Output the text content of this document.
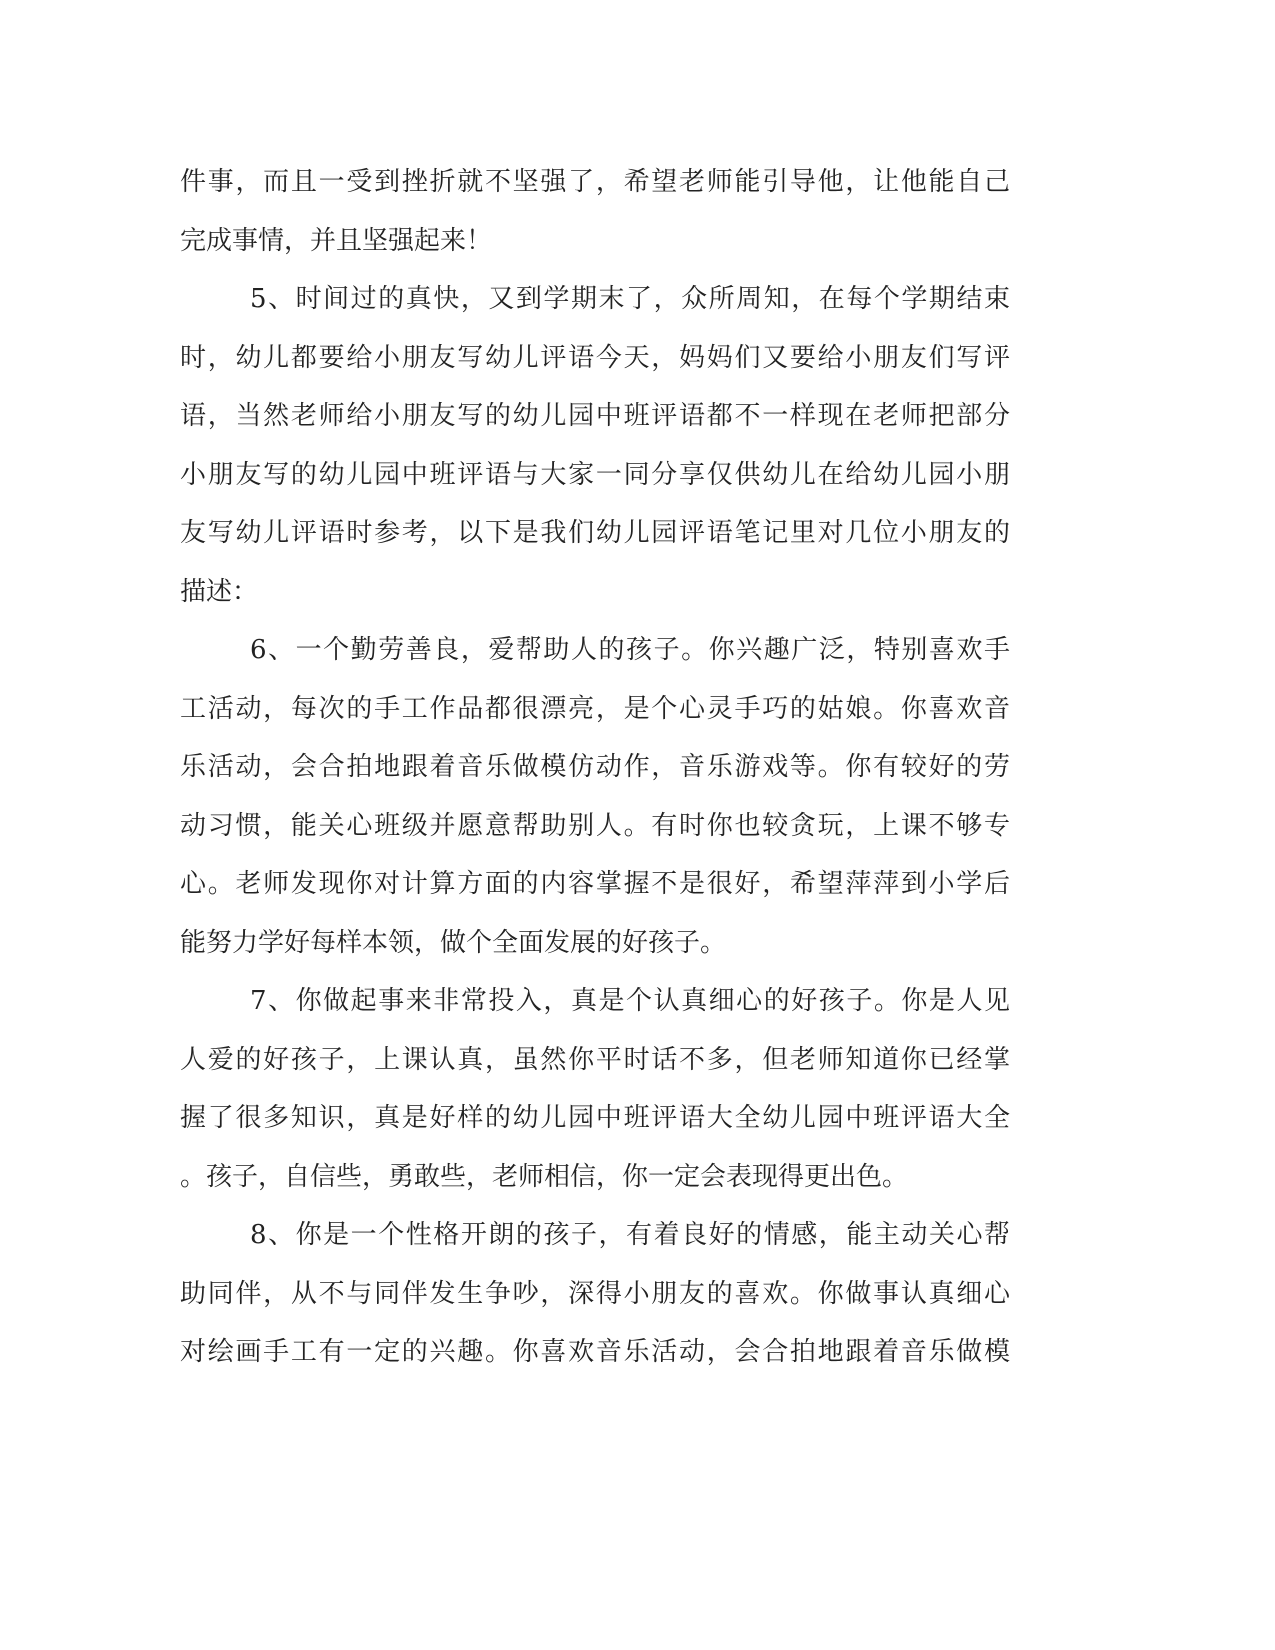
件事，而且一受到挫折就不坚强了，希望老师能引导他，让他能自己
完成事情，并且坚强起来！
5、时间过的真快，又到学期末了，众所周知，在每个学期结束
时，幼儿都要给小朋友写幼儿评语今天，妈妈们又要给小朋友们写评
语，当然老师给小朋友写的幼儿园中班评语都不一样现在老师把部分
小朋友写的幼儿园中班评语与大家一同分享仅供幼儿在给幼儿园小朋
友写幼儿评语时参考，以下是我们幼儿园评语笔记里对几位小朋友的
描述：
6、一个勤劳善良，爱帮助人的孩子。你兴趣广泛，特别喜欢手
工活动，每次的手工作品都很漂亮，是个心灵手巧的姑娘。你喜欢音
乐活动，会合拍地跟着音乐做模仿动作，音乐游戏等。你有较好的劳
动习惯，能关心班级并愿意帮助别人。有时你也较贪玩，上课不够专
心。老师发现你对计算方面的内容掌握不是很好，希望萍萍到小学后
能努力学好每样本领，做个全面发展的好孩子。
7、你做起事来非常投入，真是个认真细心的好孩子。你是人见
人爱的好孩子，上课认真，虽然你平时话不多，但老师知道你已经掌
握了很多知识，真是好样的幼儿园中班评语大全幼儿园中班评语大全
。孩子，自信些，勇敢些，老师相信，你一定会表现得更出色。
8、你是一个性格开朗的孩子，有着良好的情感，能主动关心帮
助同伴，从不与同伴发生争吵，深得小朋友的喜欢。你做事认真细心
对绘画手工有一定的兴趣。你喜欢音乐活动，会合拍地跟着音乐做模
